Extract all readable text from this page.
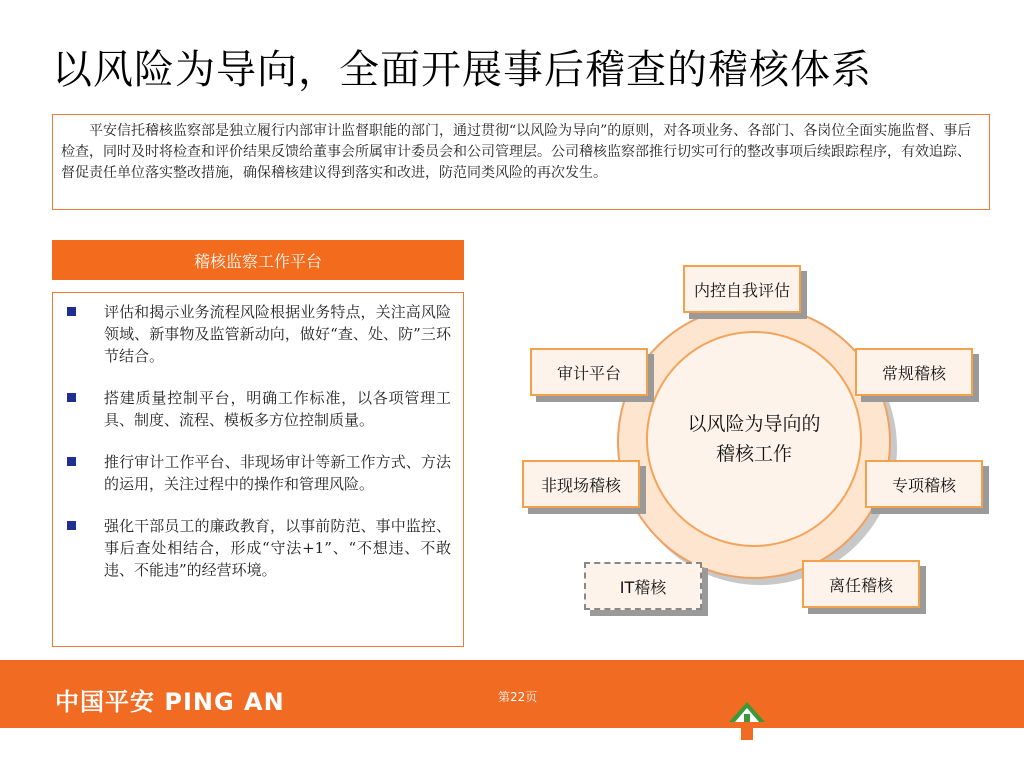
以风险为导向，全面开展事后稽查的稽核体系
平安信托稽核监察部是独立履行内部审计监督职能的部门，通过贯彻“以风险为导向”的原则，对各项业务、各部门、各岗位全面实施监督、事后检查，同时及时将检查和评价结果反馈给董事会所属审计委员会和公司管理层。公司稽核监察部推行切实可行的整改事项后续跟踪程序，有效追踪、督促责任单位落实整改措施，确保稽核建议得到落实和改进，防范同类风险的再次发生。
稽核监察工作平台
评估和揭示业务流程风险根据业务特点，关注高风险领域、新事物及监管新动向，做好“查、处、防”三环节结合。
搭建质量控制平台，明确工作标准，以各项管理工具、制度、流程、模板多方位控制质量。
推行审计工作平台、非现场审计等新工作方式、方法的运用，关注过程中的操作和管理风险。
强化干部员工的廉政教育，以事前防范、事中监控、事后查处相结合，形成“守法+1”、“不想违、不敢违、不能违”的经营环境。
以风险为导向的
稽核工作
内控自我评估
审计平台	常规稽核
非现场稽核	专项稽核
IT稽核	离任稽核
中国平安 PING AN	第22页
